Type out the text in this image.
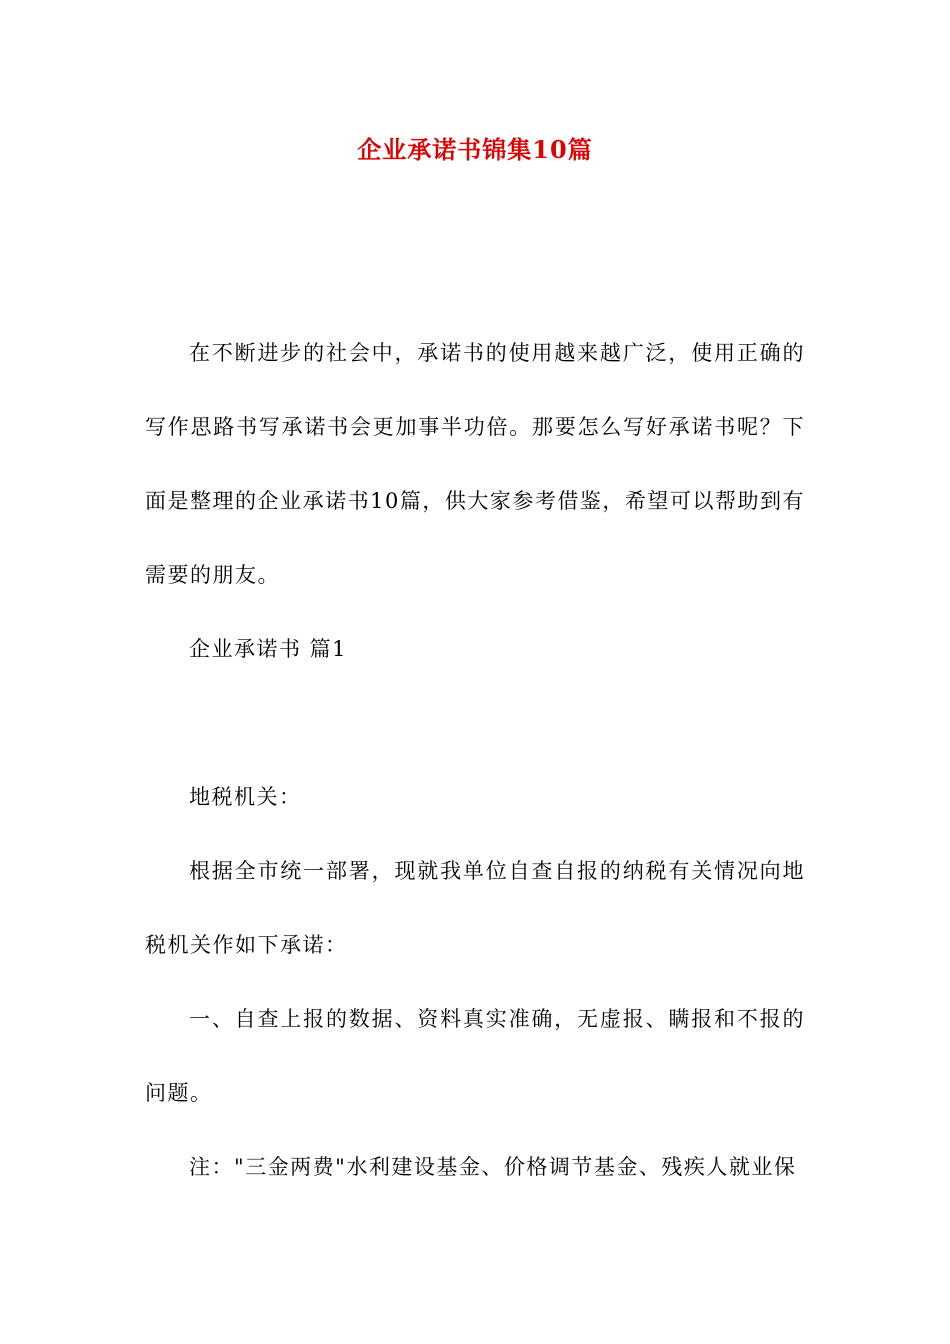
企业承诺书锦集10篇

在不断进步的社会中，承诺书的使用越来越广泛，使用正确的写作思路书写承诺书会更加事半功倍。那要怎么写好承诺书呢？下面是整理的企业承诺书10篇，供大家参考借鉴，希望可以帮助到有需要的朋友。

企业承诺书 篇1

地税机关：

根据全市统一部署，现就我单位自查自报的纳税有关情况向地税机关作如下承诺：

一、自查上报的数据、资料真实准确，无虚报、瞒报和不报的问题。

注："三金两费"水利建设基金、价格调节基金、残疾人就业保
